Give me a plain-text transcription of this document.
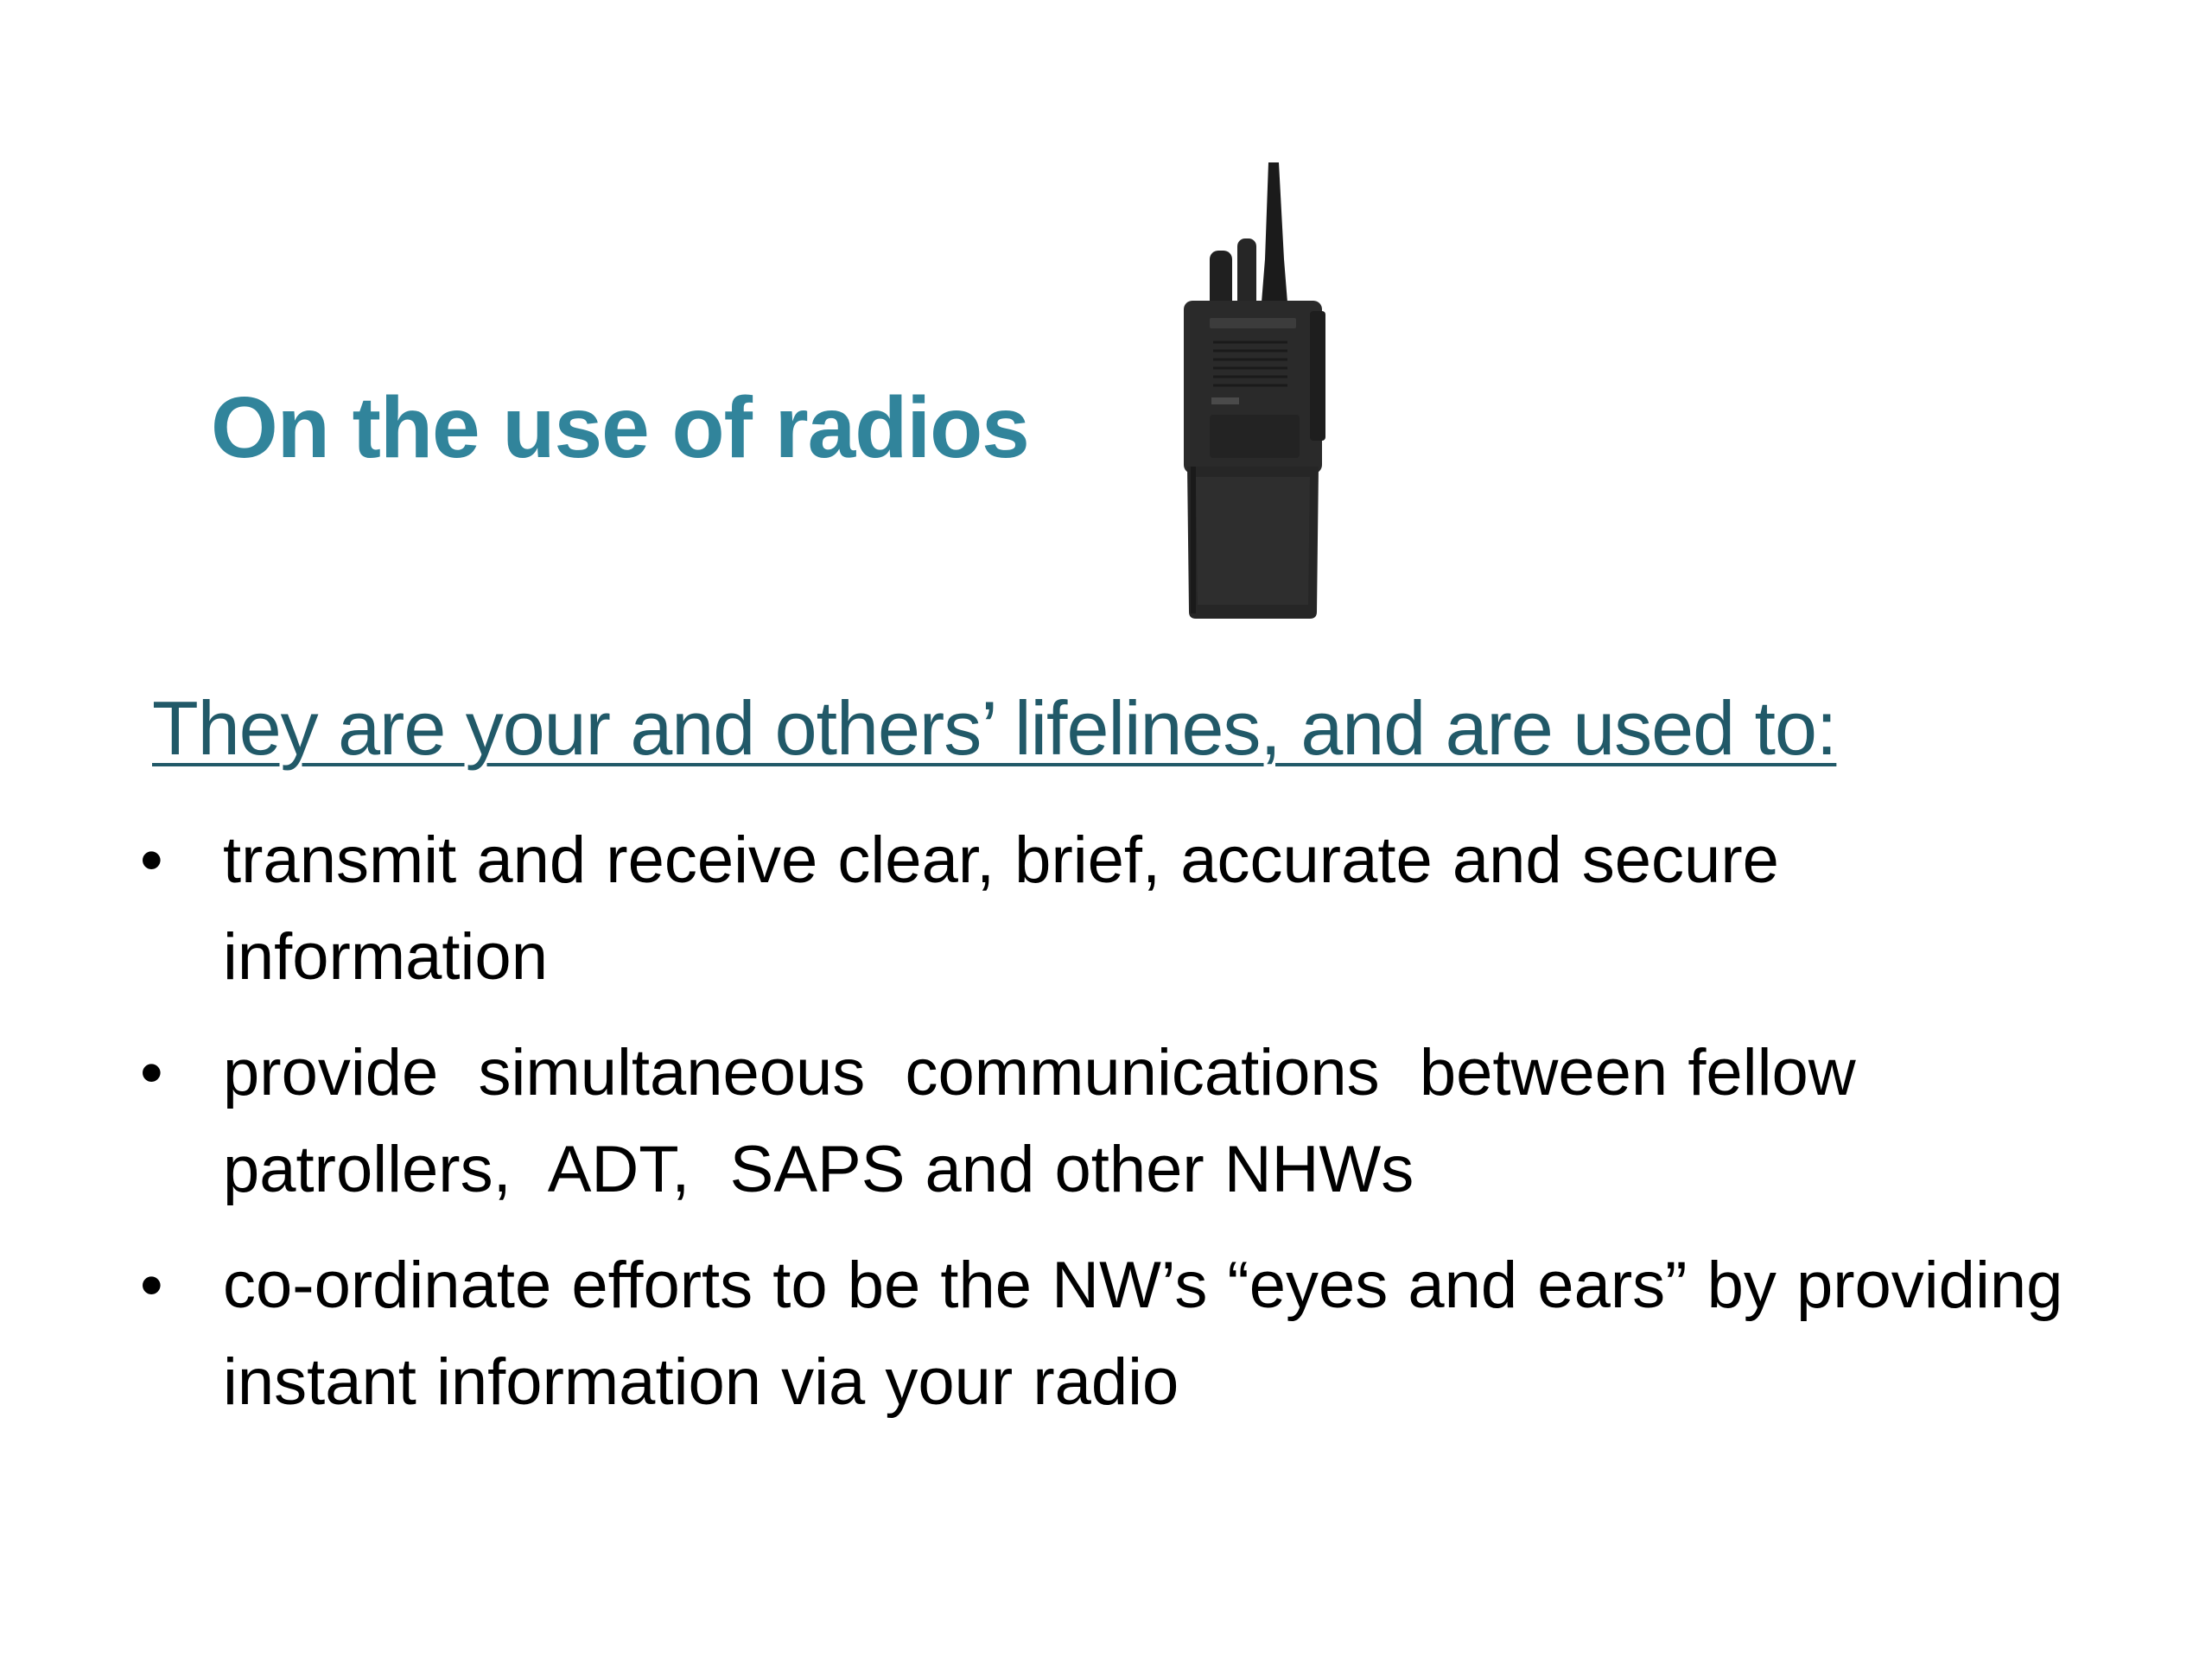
On the use of radios
They are your and others’ lifelines, and are used to:
• transmit and receive clear, brief, accurate and secure information
• provide  simultaneous  communications  between fellow patrollers,  ADT,  SAPS and other NHWs
• co-ordinate efforts to be the NW’s “eyes and ears” by providing instant information via your radio
